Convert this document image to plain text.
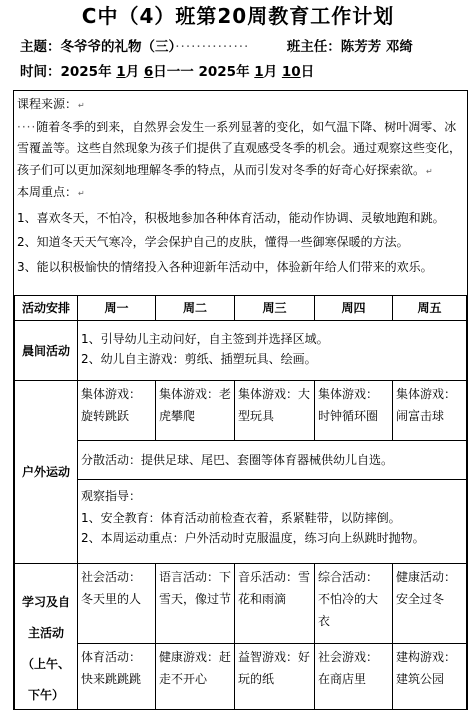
C中（4）班第20周教育工作计划
主题：冬爷爷的礼物（三）··············	班主任：陈芳芳 邓绮
时间：2025年 1月 6日一一 2025年 1月 10日

课程来源：↵

····随着冬季的到来，自然界会发生一系列显著的变化，如气温下降、树叶凋零、冰雪覆盖等。这些自然现象为孩子们提供了直观感受冬季的机会。通过观察这些变化，孩子们可以更加深刻地理解冬季的特点，从而引发对冬季的好奇心好探索欲。↵

本周重点：↵

1、喜欢冬天，不怕冷，积极地参加各种体育活动，能动作协调、灵敏地跑和跳。

2、知道冬天天气寒冷，学会保护自己的皮肤，懂得一些御寒保暖的方法。

3、能以积极愉快的情绪投入各种迎新年活动中，体验新年给人们带来的欢乐。

活动安排	周一	周二	周三	周四	周五
晨间活动	1、引导幼儿主动问好，自主签到并选择区域。
2、幼儿自主游戏：剪纸、插塑玩具、绘画。				

户外运动	集体游戏：旋转跳跃	集体游戏：老虎攀爬	集体游戏：大型玩具	集体游戏：时钟循环圈	集体游戏：闹富击球
	分散活动：提供足球、尾巴、套圈等体育器械供幼儿自选。				

	观察指导：
1、安全教育：体育活动前检查衣着，系紧鞋带，以防摔倒。
2、本周运动重点：户外活动时克服温度，练习向上纵跳时抛物。				

学习及自
主活动
（上午、
下午）	社会活动：冬天里的人	语言活动：下雪天，像过节	音乐活动：雪花和雨滴	综合活动：不怕冷的大衣	健康活动：安全过冬
	体育活动：快来跳跳跳	健康游戏：赶走不开心	益智游戏：好玩的纸	社会游戏：在商店里	建构游戏：建筑公园
